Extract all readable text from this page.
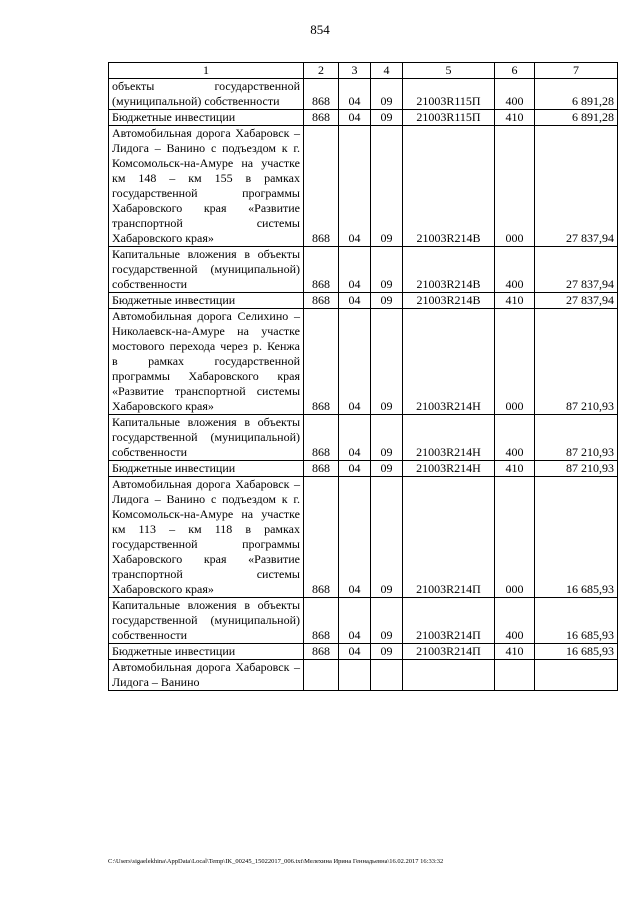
854
1	2	3	4	5	6	7
объекты государственной (муниципальной) собственности	868	04	09	21003R115П	400	6 891,28
Бюджетные инвестиции	868	04	09	21003R115П	410	6 891,28
Автомобильная дорога Хабаровск – Лидога – Ванино с подъездом к г. Комсомольск-на-Амуре на участке км 148 – км 155 в рамках государственной программы Хабаровского края «Развитие транспортной системы Хабаровского края»	868	04	09	21003R214В	000	27 837,94
Капитальные вложения в объекты государственной (муниципальной) собственности	868	04	09	21003R214В	400	27 837,94
Бюджетные инвестиции	868	04	09	21003R214В	410	27 837,94
Автомобильная дорога Селихино – Николаевск-на-Амуре на участке мостового перехода через р. Кенжа в рамках государственной программы Хабаровского края «Развитие транспортной системы Хабаровского края»	868	04	09	21003R214Н	000	87 210,93
Капитальные вложения в объекты государственной (муниципальной) собственности	868	04	09	21003R214Н	400	87 210,93
Бюджетные инвестиции	868	04	09	21003R214Н	410	87 210,93
Автомобильная дорога Хабаровск – Лидога – Ванино с подъездом к г. Комсомольск-на-Амуре на участке км 113 – км 118 в рамках государственной программы Хабаровского края «Развитие транспортной системы Хабаровского края»	868	04	09	21003R214П	000	16 685,93
Капитальные вложения в объекты государственной (муниципальной) собственности	868	04	09	21003R214П	400	16 685,93
Бюджетные инвестиции	868	04	09	21003R214П	410	16 685,93
Автомобильная дорога Хабаровск – Лидога – Ванино						
C:\Users\sigaelekhina\AppData\Local\Temp\IK_00245_15022017_006.txt\Мелехина Ирина Геннадьевна\16.02.2017 16:33:32
